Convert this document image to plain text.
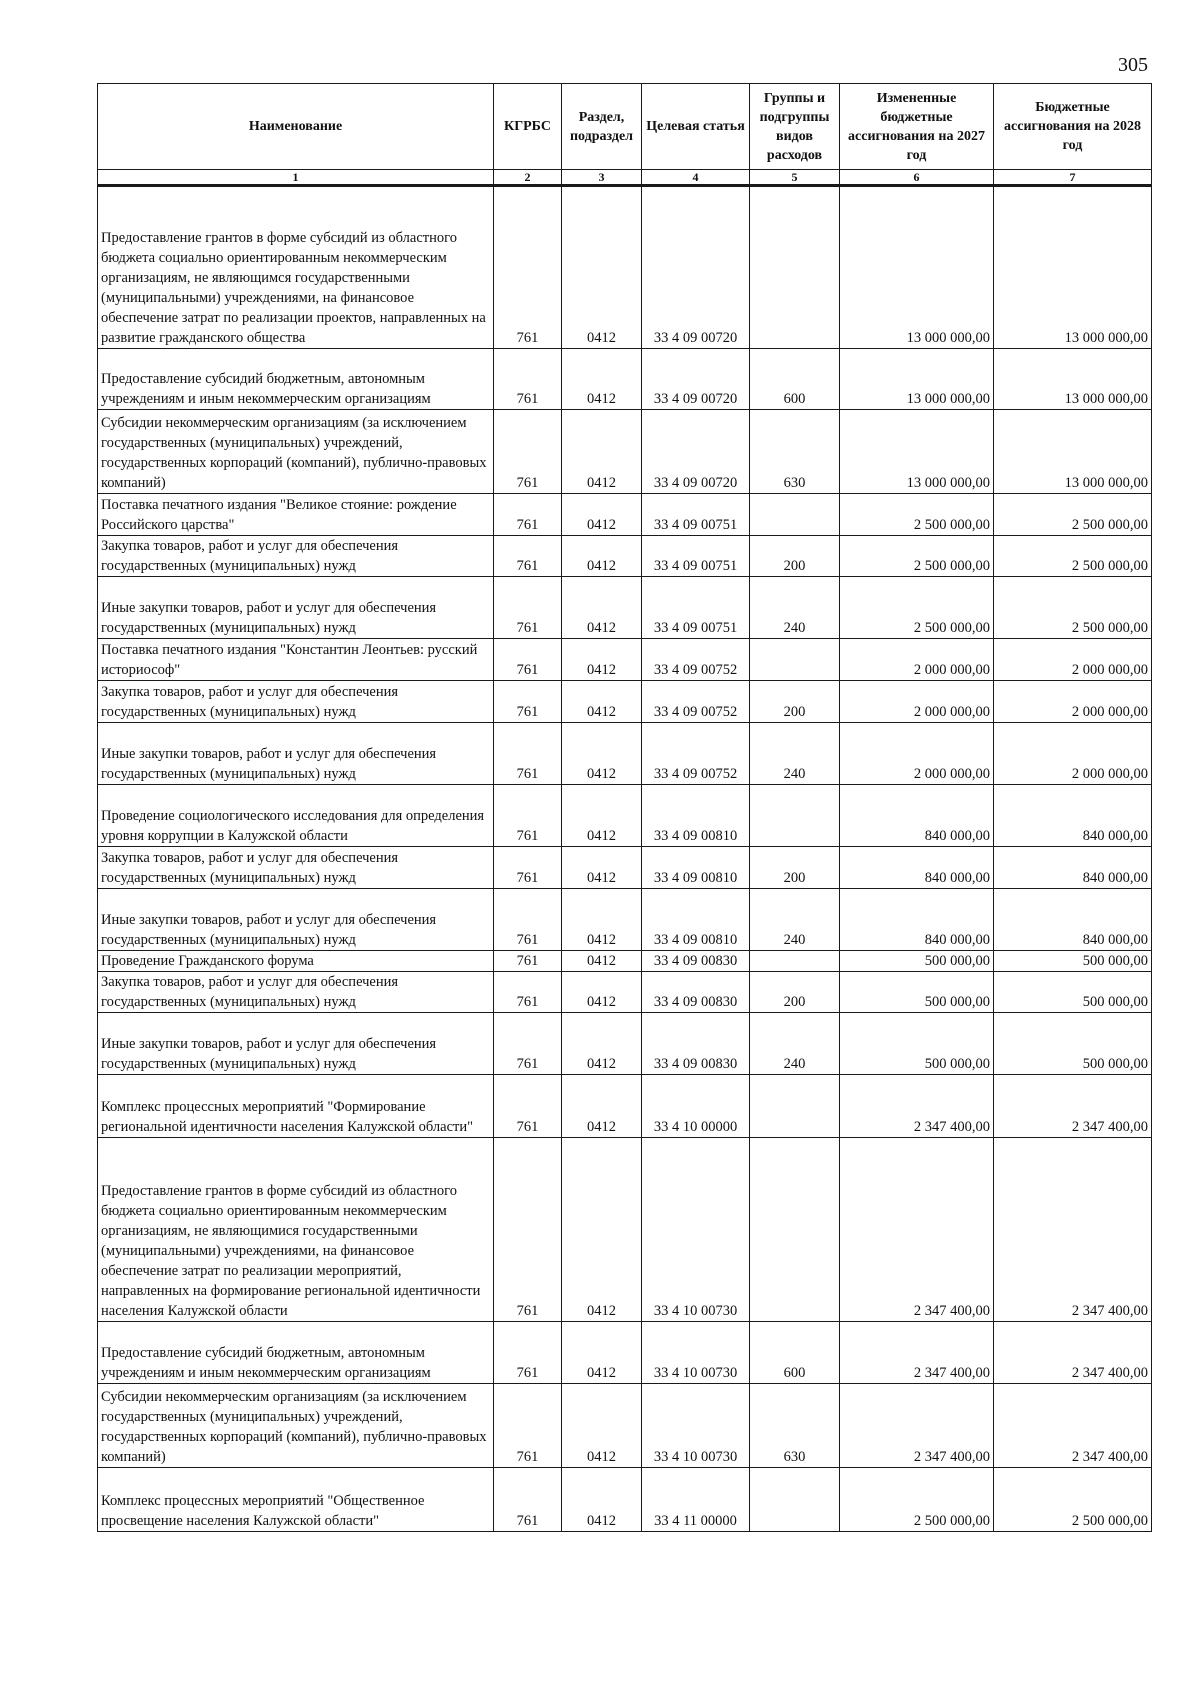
305
Наименование	КГРБС	Раздел, подраздел	Целевая статья	Группы и подгруппы видов расходов	Измененные бюджетные ассигнования на 2027 год	Бюджетные ассигнования на 2028 год
1	2	3	4	5	6	7
Предоставление грантов в форме субсидий из областного бюджета социально ориентированным некоммерческим организациям, не являющимся государственными (муниципальными) учреждениями, на финансовое обеспечение затрат по реализации проектов, направленных на развитие гражданского общества	761	0412	33 4 09 00720		13 000 000,00	13 000 000,00
Предоставление субсидий бюджетным, автономным учреждениям и иным некоммерческим организациям	761	0412	33 4 09 00720	600	13 000 000,00	13 000 000,00
Субсидии некоммерческим организациям (за исключением государственных (муниципальных) учреждений, государственных корпораций (компаний), публично-правовых компаний)	761	0412	33 4 09 00720	630	13 000 000,00	13 000 000,00
Поставка печатного издания "Великое стояние: рождение Российского царства"	761	0412	33 4 09 00751		2 500 000,00	2 500 000,00
Закупка товаров, работ и услуг для обеспечения государственных (муниципальных) нужд	761	0412	33 4 09 00751	200	2 500 000,00	2 500 000,00
Иные закупки товаров, работ и услуг для обеспечения государственных (муниципальных) нужд	761	0412	33 4 09 00751	240	2 500 000,00	2 500 000,00
Поставка печатного издания "Константин Леонтьев: русский историософ"	761	0412	33 4 09 00752		2 000 000,00	2 000 000,00
Закупка товаров, работ и услуг для обеспечения государственных (муниципальных) нужд	761	0412	33 4 09 00752	200	2 000 000,00	2 000 000,00
Иные закупки товаров, работ и услуг для обеспечения государственных (муниципальных) нужд	761	0412	33 4 09 00752	240	2 000 000,00	2 000 000,00
Проведение социологического исследования для определения уровня коррупции в Калужской области	761	0412	33 4 09 00810		840 000,00	840 000,00
Закупка товаров, работ и услуг для обеспечения государственных (муниципальных) нужд	761	0412	33 4 09 00810	200	840 000,00	840 000,00
Иные закупки товаров, работ и услуг для обеспечения государственных (муниципальных) нужд	761	0412	33 4 09 00810	240	840 000,00	840 000,00
Проведение Гражданского форума	761	0412	33 4 09 00830		500 000,00	500 000,00
Закупка товаров, работ и услуг для обеспечения государственных (муниципальных) нужд	761	0412	33 4 09 00830	200	500 000,00	500 000,00
Иные закупки товаров, работ и услуг для обеспечения государственных (муниципальных) нужд	761	0412	33 4 09 00830	240	500 000,00	500 000,00
Комплекс процессных мероприятий "Формирование региональной идентичности населения Калужской области"	761	0412	33 4 10 00000		2 347 400,00	2 347 400,00
Предоставление грантов в форме субсидий из областного бюджета социально ориентированным некоммерческим организациям, не являющимися государственными (муниципальными) учреждениями, на финансовое обеспечение затрат по реализации мероприятий, направленных на формирование региональной идентичности населения Калужской области	761	0412	33 4 10 00730		2 347 400,00	2 347 400,00
Предоставление субсидий бюджетным, автономным учреждениям и иным некоммерческим организациям	761	0412	33 4 10 00730	600	2 347 400,00	2 347 400,00
Субсидии некоммерческим организациям (за исключением государственных (муниципальных) учреждений, государственных корпораций (компаний), публично-правовых компаний)	761	0412	33 4 10 00730	630	2 347 400,00	2 347 400,00
Комплекс процессных мероприятий "Общественное просвещение населения Калужской области"	761	0412	33 4 11 00000		2 500 000,00	2 500 000,00
